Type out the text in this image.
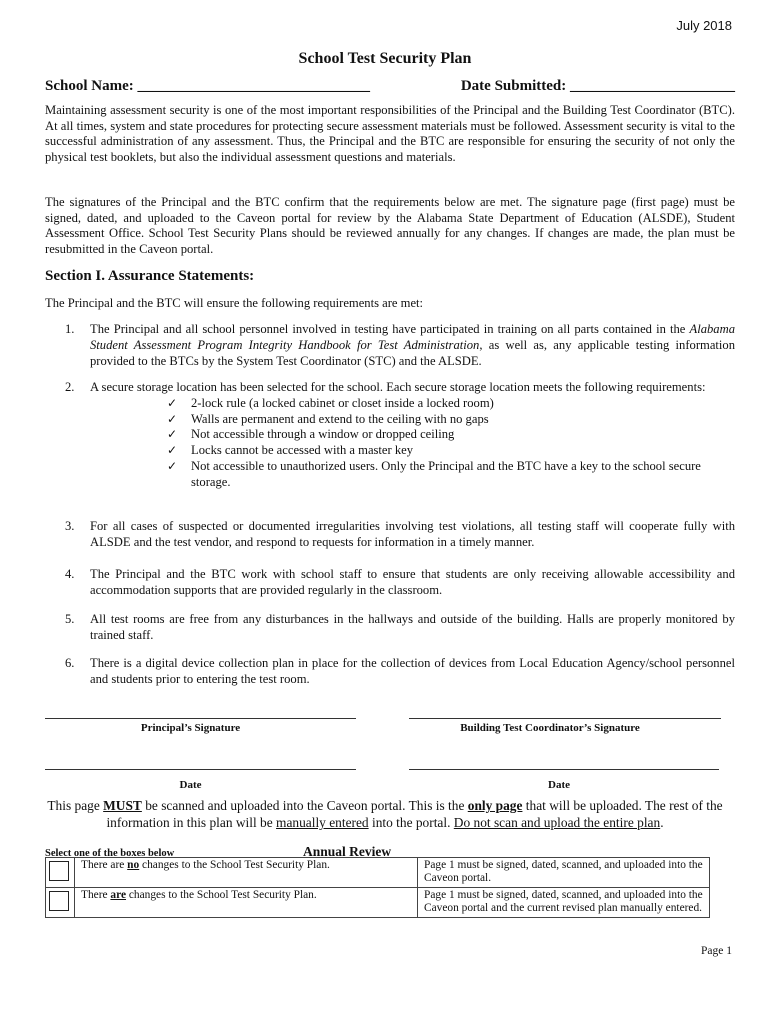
July 2018
School Test Security Plan
School Name: _______________________________	Date Submitted: ______________________

Maintaining assessment security is one of the most important responsibilities of the Principal and the Building Test Coordinator (BTC). At all times, system and state procedures for protecting secure assessment materials must be followed. Assessment security is vital to the successful administration of any assessment. Thus, the Principal and the BTC are responsible for ensuring the security of not only the physical test booklets, but also the individual assessment questions and materials.

The signatures of the Principal and the BTC confirm that the requirements below are met. The signature page (first page) must be signed, dated, and uploaded to the Caveon portal for review by the Alabama State Department of Education (ALSDE), Student Assessment Office. School Test Security Plans should be reviewed annually for any changes. If changes are made, the plan must be resubmitted in the Caveon portal.

Section I. Assurance Statements:

The Principal and the BTC will ensure the following requirements are met:

1. The Principal and all school personnel involved in testing have participated in training on all parts contained in the Alabama Student Assessment Program Integrity Handbook for Test Administration, as well as, any applicable testing information provided to the BTCs by the System Test Coordinator (STC) and the ALSDE.
2. A secure storage location has been selected for the school. Each secure storage location meets the following requirements:
✓ 2-lock rule (a locked cabinet or closet inside a locked room)
✓ Walls are permanent and extend to the ceiling with no gaps
✓ Not accessible through a window or dropped ceiling
✓ Locks cannot be accessed with a master key
✓ Not accessible to unauthorized users. Only the Principal and the BTC have a key to the school secure storage.
3. For all cases of suspected or documented irregularities involving test violations, all testing staff will cooperate fully with ALSDE and the test vendor, and respond to requests for information in a timely manner.
4. The Principal and the BTC work with school staff to ensure that students are only receiving allowable accessibility and accommodation supports that are provided regularly in the classroom.
5. All test rooms are free from any disturbances in the hallways and outside of the building. Halls are properly monitored by trained staff.
6. There is a digital device collection plan in place for the collection of devices from Local Education Agency/school personnel and students prior to entering the test room.
Principal’s Signature	Building Test Coordinator’s Signature
Date	Date
This page MUST be scanned and uploaded into the Caveon portal. This is the only page that will be uploaded. The rest of the information in this plan will be manually entered into the portal. Do not scan and upload the entire plan.
Select one of the boxes below	Annual Review
	There are no changes to the School Test Security Plan.	Page 1 must be signed, dated, scanned, and uploaded into the Caveon portal.

	There are changes to the School Test Security Plan.	Page 1 must be signed, dated, scanned, and uploaded into the Caveon portal and the current revised plan manually entered.
Page 1
